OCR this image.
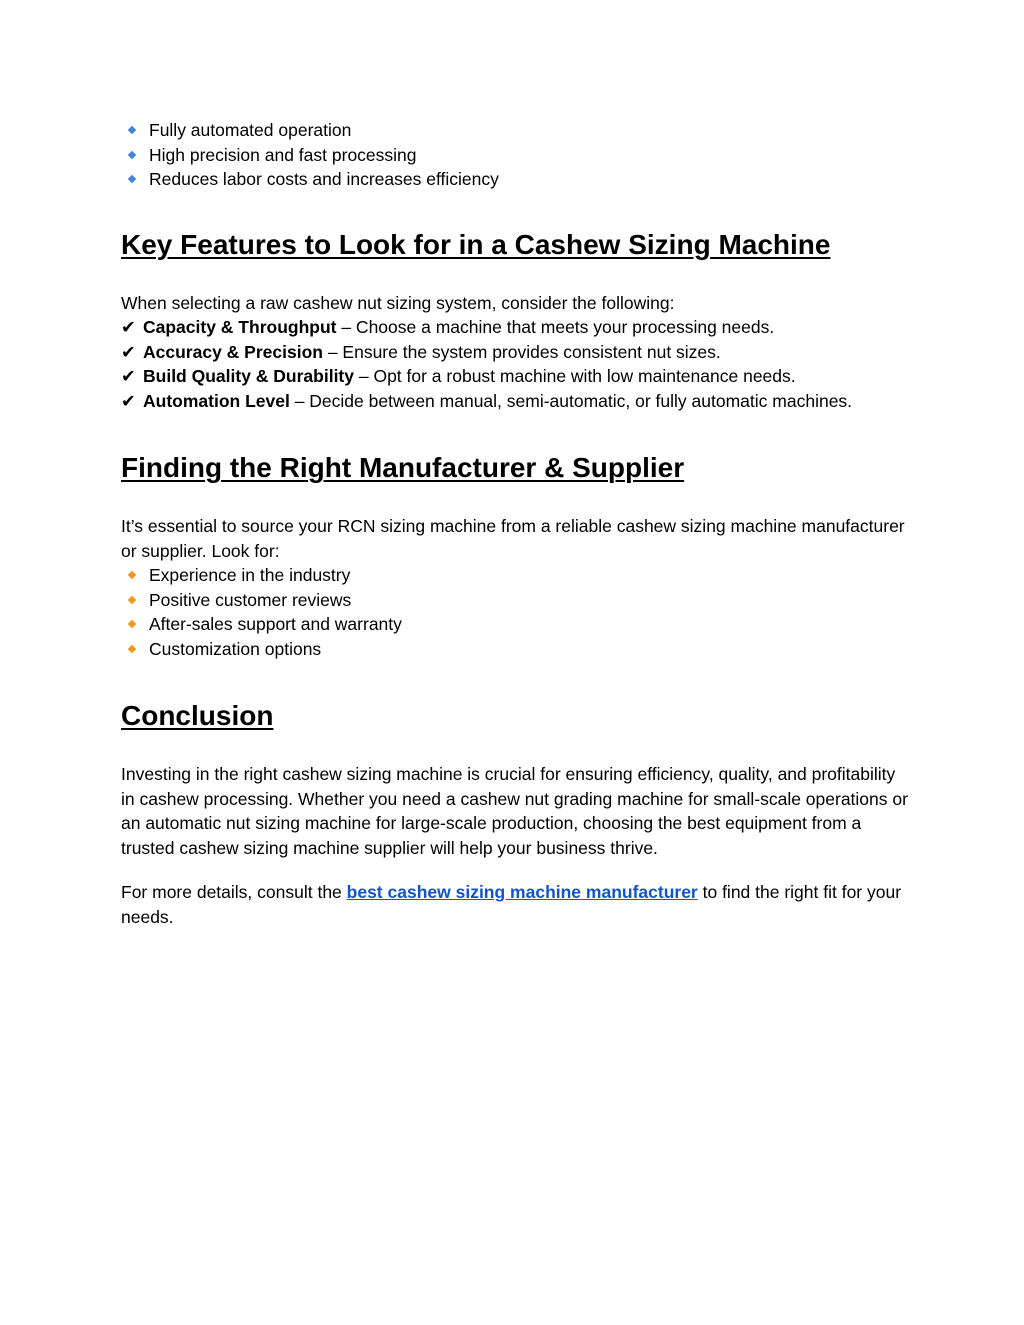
Fully automated operation
High precision and fast processing
Reduces labor costs and increases efficiency
Key Features to Look for in a Cashew Sizing Machine
When selecting a raw cashew nut sizing system, consider the following:
✔ Capacity & Throughput – Choose a machine that meets your processing needs.
✔ Accuracy & Precision – Ensure the system provides consistent nut sizes.
✔ Build Quality & Durability – Opt for a robust machine with low maintenance needs.
✔ Automation Level – Decide between manual, semi-automatic, or fully automatic machines.
Finding the Right Manufacturer & Supplier

It’s essential to source your RCN sizing machine from a reliable cashew sizing machine manufacturer or supplier. Look for:

Experience in the industry
Positive customer reviews
After-sales support and warranty
Customization options
Conclusion

Investing in the right cashew sizing machine is crucial for ensuring efficiency, quality, and profitability in cashew processing. Whether you need a cashew nut grading machine for small-scale operations or an automatic nut sizing machine for large-scale production, choosing the best equipment from a trusted cashew sizing machine supplier will help your business thrive.

For more details, consult the best cashew sizing machine manufacturer to find the right fit for your needs.
